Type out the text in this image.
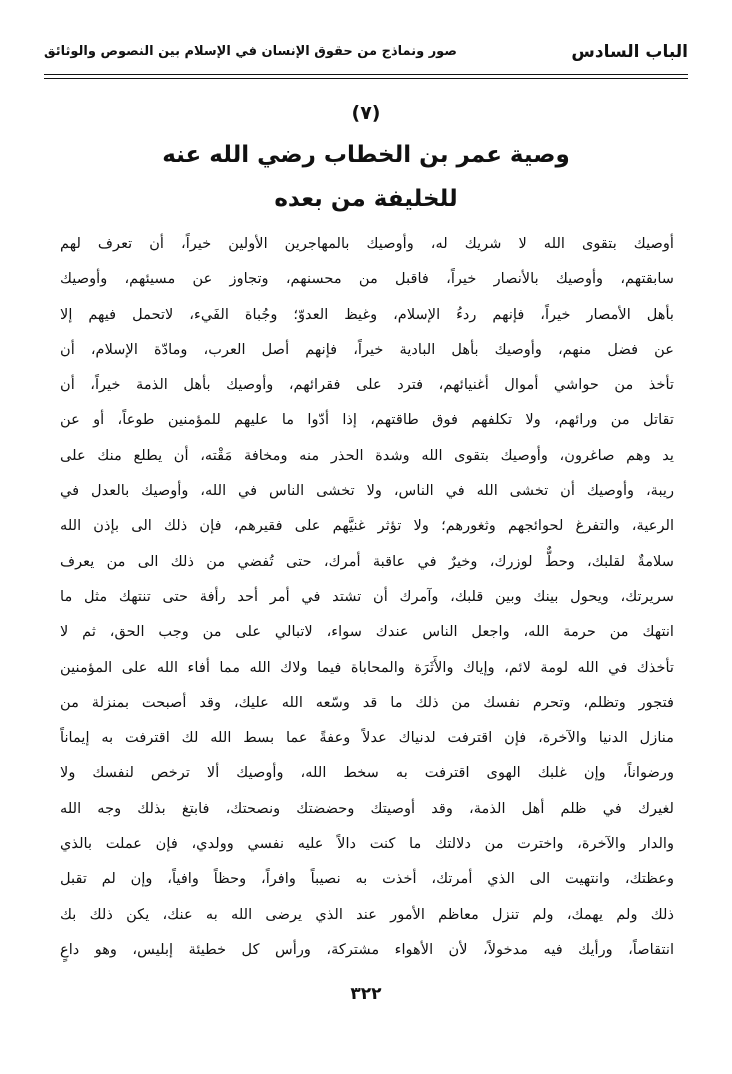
الباب السادس
صور ونماذج من حقوق الإنسان في الإسلام بين النصوص والوثائق
(٧)
وصية عمر بن الخطاب رضي الله عنه
للخليفة من بعده
أوصيك بتقوى الله لا شريك له، وأوصيك بالمهاجرين الأولين خيراً، أن تعرف لهم
سابقتهم، وأوصيك بالأنصار خيراً، فاقبل من محسنهم، وتجاوز عن مسيئهم، وأوصيك
بأهل الأمصار خيراً، فإنهم ردءُ الإسلام، وغيظ العدوّ؛ وجُباة الفَيء، لاتحمل فيهم إلا
عن فضل منهم، وأوصيك بأهل البادية خيراً، فإنهم أصل العرب، ومادّة الإسلام، أن
تأخذ من حواشي أموال أغنيائهم، فترد على فقرائهم، وأوصيك بأهل الذمة خيراً، أن
تقاتل من ورائهم، ولا تكلفهم فوق طاقتهم، إذا أدّوا ما عليهم للمؤمنين طوعاً، أو عن
يد وهم صاغرون، وأوصيك بتقوى الله وشدة الحذر منه ومخافة مَقْته، أن يطلع منك على
ريبة، وأوصيك أن تخشى الله في الناس، ولا تخشى الناس في الله، وأوصيك بالعدل في
الرعية، والتفرغ لحوائجهم وثغورهم؛ ولا تؤثر غنيَّهم على فقيرهم، فإن ذلك الى بإذن الله
سلامةٌ لقلبك، وحطٌّ لوزرك، وخيرٌ في عاقبة أمرك، حتى تُفضي من ذلك الى من يعرف
سريرتك، ويحول بينك وبين قلبك، وآمرك أن تشتد في أمر أحد رأفة حتى تنتهك مثل ما
انتهك من حرمة الله، واجعل الناس عندك سواء، لاتبالي على من وجب الحق، ثم لا
تأخذك في الله لومة لائم، وإياك والأَثَرَة والمحاباة فيما ولاك الله مما أفاء الله على المؤمنين
فتجور وتظلم، وتحرم نفسك من ذلك ما قد وسّعه الله عليك، وقد أصبحت بمنزلة من
منازل الدنيا والآخرة، فإن اقترفت لدنياك عدلاً وعفةً عما بسط الله لك اقترفت به إيماناً
ورضواناً، وإن غلبك الهوى اقترفت به سخط الله، وأوصيك ألا ترخص لنفسك ولا
لغيرك في ظلم أهل الذمة، وقد أوصيتك وحضضتك ونصحتك، فابتغ بذلك وجه الله
والدار والآخرة، واخترت من دلالتك ما كنت دالاً عليه نفسي وولدي، فإن عملت بالذي
وعظتك، وانتهيت الى الذي أمرتك، أخذت به نصيباً وافراً، وحظاً وافياً، وإن لم تقبل
ذلك ولم يهمك، ولم تنزل معاظم الأمور عند الذي يرضى الله به عنك، يكن ذلك بك
انتقاصاً، ورأيك فيه مدخولاً، لأن الأهواء مشتركة، ورأس كل خطيئة إبليس، وهو داعٍ
٣٢٢
